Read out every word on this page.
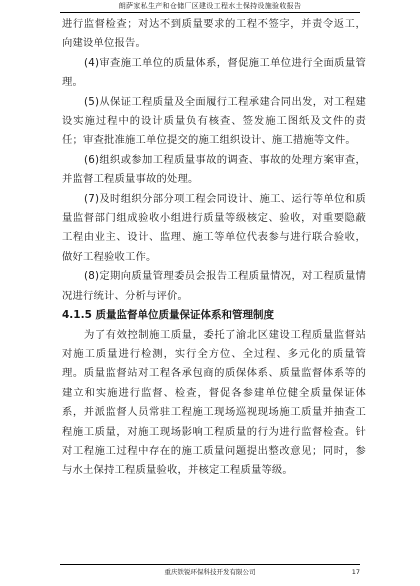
朗萨家私生产和仓储厂区建设工程水土保持设施验收报告

进行监督检查；对达不到质量要求的工程不签字，并责令返工，向建设单位报告。

(4)审查施工单位的质量体系，督促施工单位进行全面质量管理。

(5)从保证工程质量及全面履行工程承建合同出发，对工程建设实施过程中的设计质量负有核查、签发施工图纸及文件的责任；审查批准施工单位提交的施工组织设计、施工措施等文件。

(6)组织或参加工程质量事故的调查、事故的处理方案审查，并监督工程质量事故的处理。

(7)及时组织分部分项工程会同设计、施工、运行等单位和质量监督部门组成验收小组进行质量等级核定、验收，对重要隐蔽工程由业主、设计、监理、施工等单位代表参与进行联合验收，做好工程验收工作。

(8)定期向质量管理委员会报告工程质量情况，对工程质量情况进行统计、分析与评价。

4.1.5 质量监督单位质量保证体系和管理制度

为了有效控制施工质量，委托了渝北区建设工程质量监督站对施工质量进行检测，实行全方位、全过程、多元化的质量管理。质量监督站对工程各承包商的质保体系、质量监督体系等的建立和实施进行监督、检查，督促各参建单位健全质量保证体系，并派监督人员常驻工程施工现场巡视现场施工质量并抽查工程施工质量，对施工现场影响工程质量的行为进行监督检查。针对工程施工过程中存在的施工质量问题提出整改意见；同时，参与水土保持工程质量验收，并核定工程质量等级。

重庆铁锐环保科技开发有限公司	17
